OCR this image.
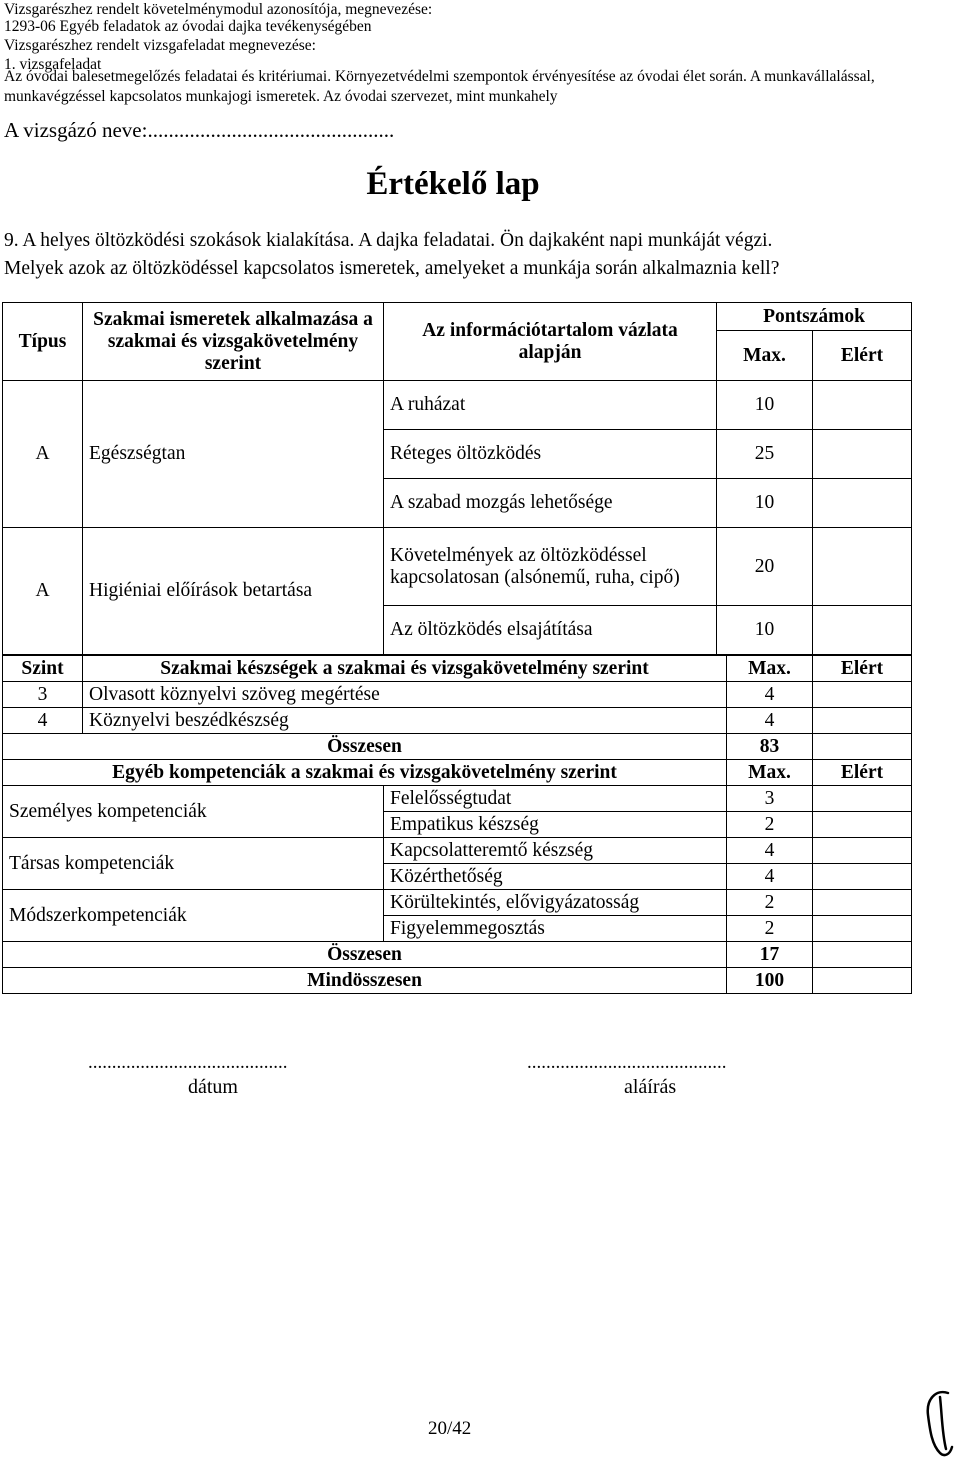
Vizsgarészhez rendelt követelménymodul azonosítója, megnevezése:
1293-06 Egyéb feladatok az óvodai dajka tevékenységében
Vizsgarészhez rendelt vizsgafeladat megnevezése:
1. vizsgafeladat
Az óvodai balesetmegelőzés feladatai és kritériumai. Környezetvédelmi szempontok érvényesítése az óvodai élet során. A munkavállalással,
munkavégzéssel kapcsolatos munkajogi ismeretek. Az óvodai szervezet, mint munkahely
A vizsgázó neve:...............................................
Értékelő lap
9. A helyes öltözködési szokások kialakítása. A dajka feladatai. Ön dajkaként napi munkáját végzi.
Melyek azok az öltözködéssel kapcsolatos ismeretek, amelyeket a munkája során alkalmaznia kell?
Típus	Szakmai ismeretek alkalmazása a szakmai és vizsgakövetelmény szerint	Az információtartalom vázlata alapján	Pontszámok	
			Max.	Elért
A	Egészségtan	A ruházat	10	
		Réteges öltözködés	25	
		A szabad mozgás lehetősége	10	
A	Higiéniai előírások betartása	Követelmények az öltözködéssel kapcsolatosan (alsónemű, ruha, cipő)	20	
		Az öltözködés elsajátítása	10	
Szint	Szakmai készségek a szakmai és vizsgakövetelmény szerint		Max.	Elért
3	Olvasott köznyelvi szöveg megértése		4	
4	Köznyelvi beszédkészség		4	
Összesen			83	
Egyéb kompetenciák a szakmai és vizsgakövetelmény szerint			Max.	Elért
Személyes kompetenciák		Felelősségtudat	3	
		Empatikus készség	2	
Társas kompetenciák		Kapcsolatteremtő készség	4	
		Közérthetőség	4	
Módszerkompetenciák		Körültekintés, elővigyázatosság	2	
		Figyelemmegosztás	2	
Összesen			17	
Mindösszesen			100	
..........................................
dátum
..........................................
aláírás
20/42
